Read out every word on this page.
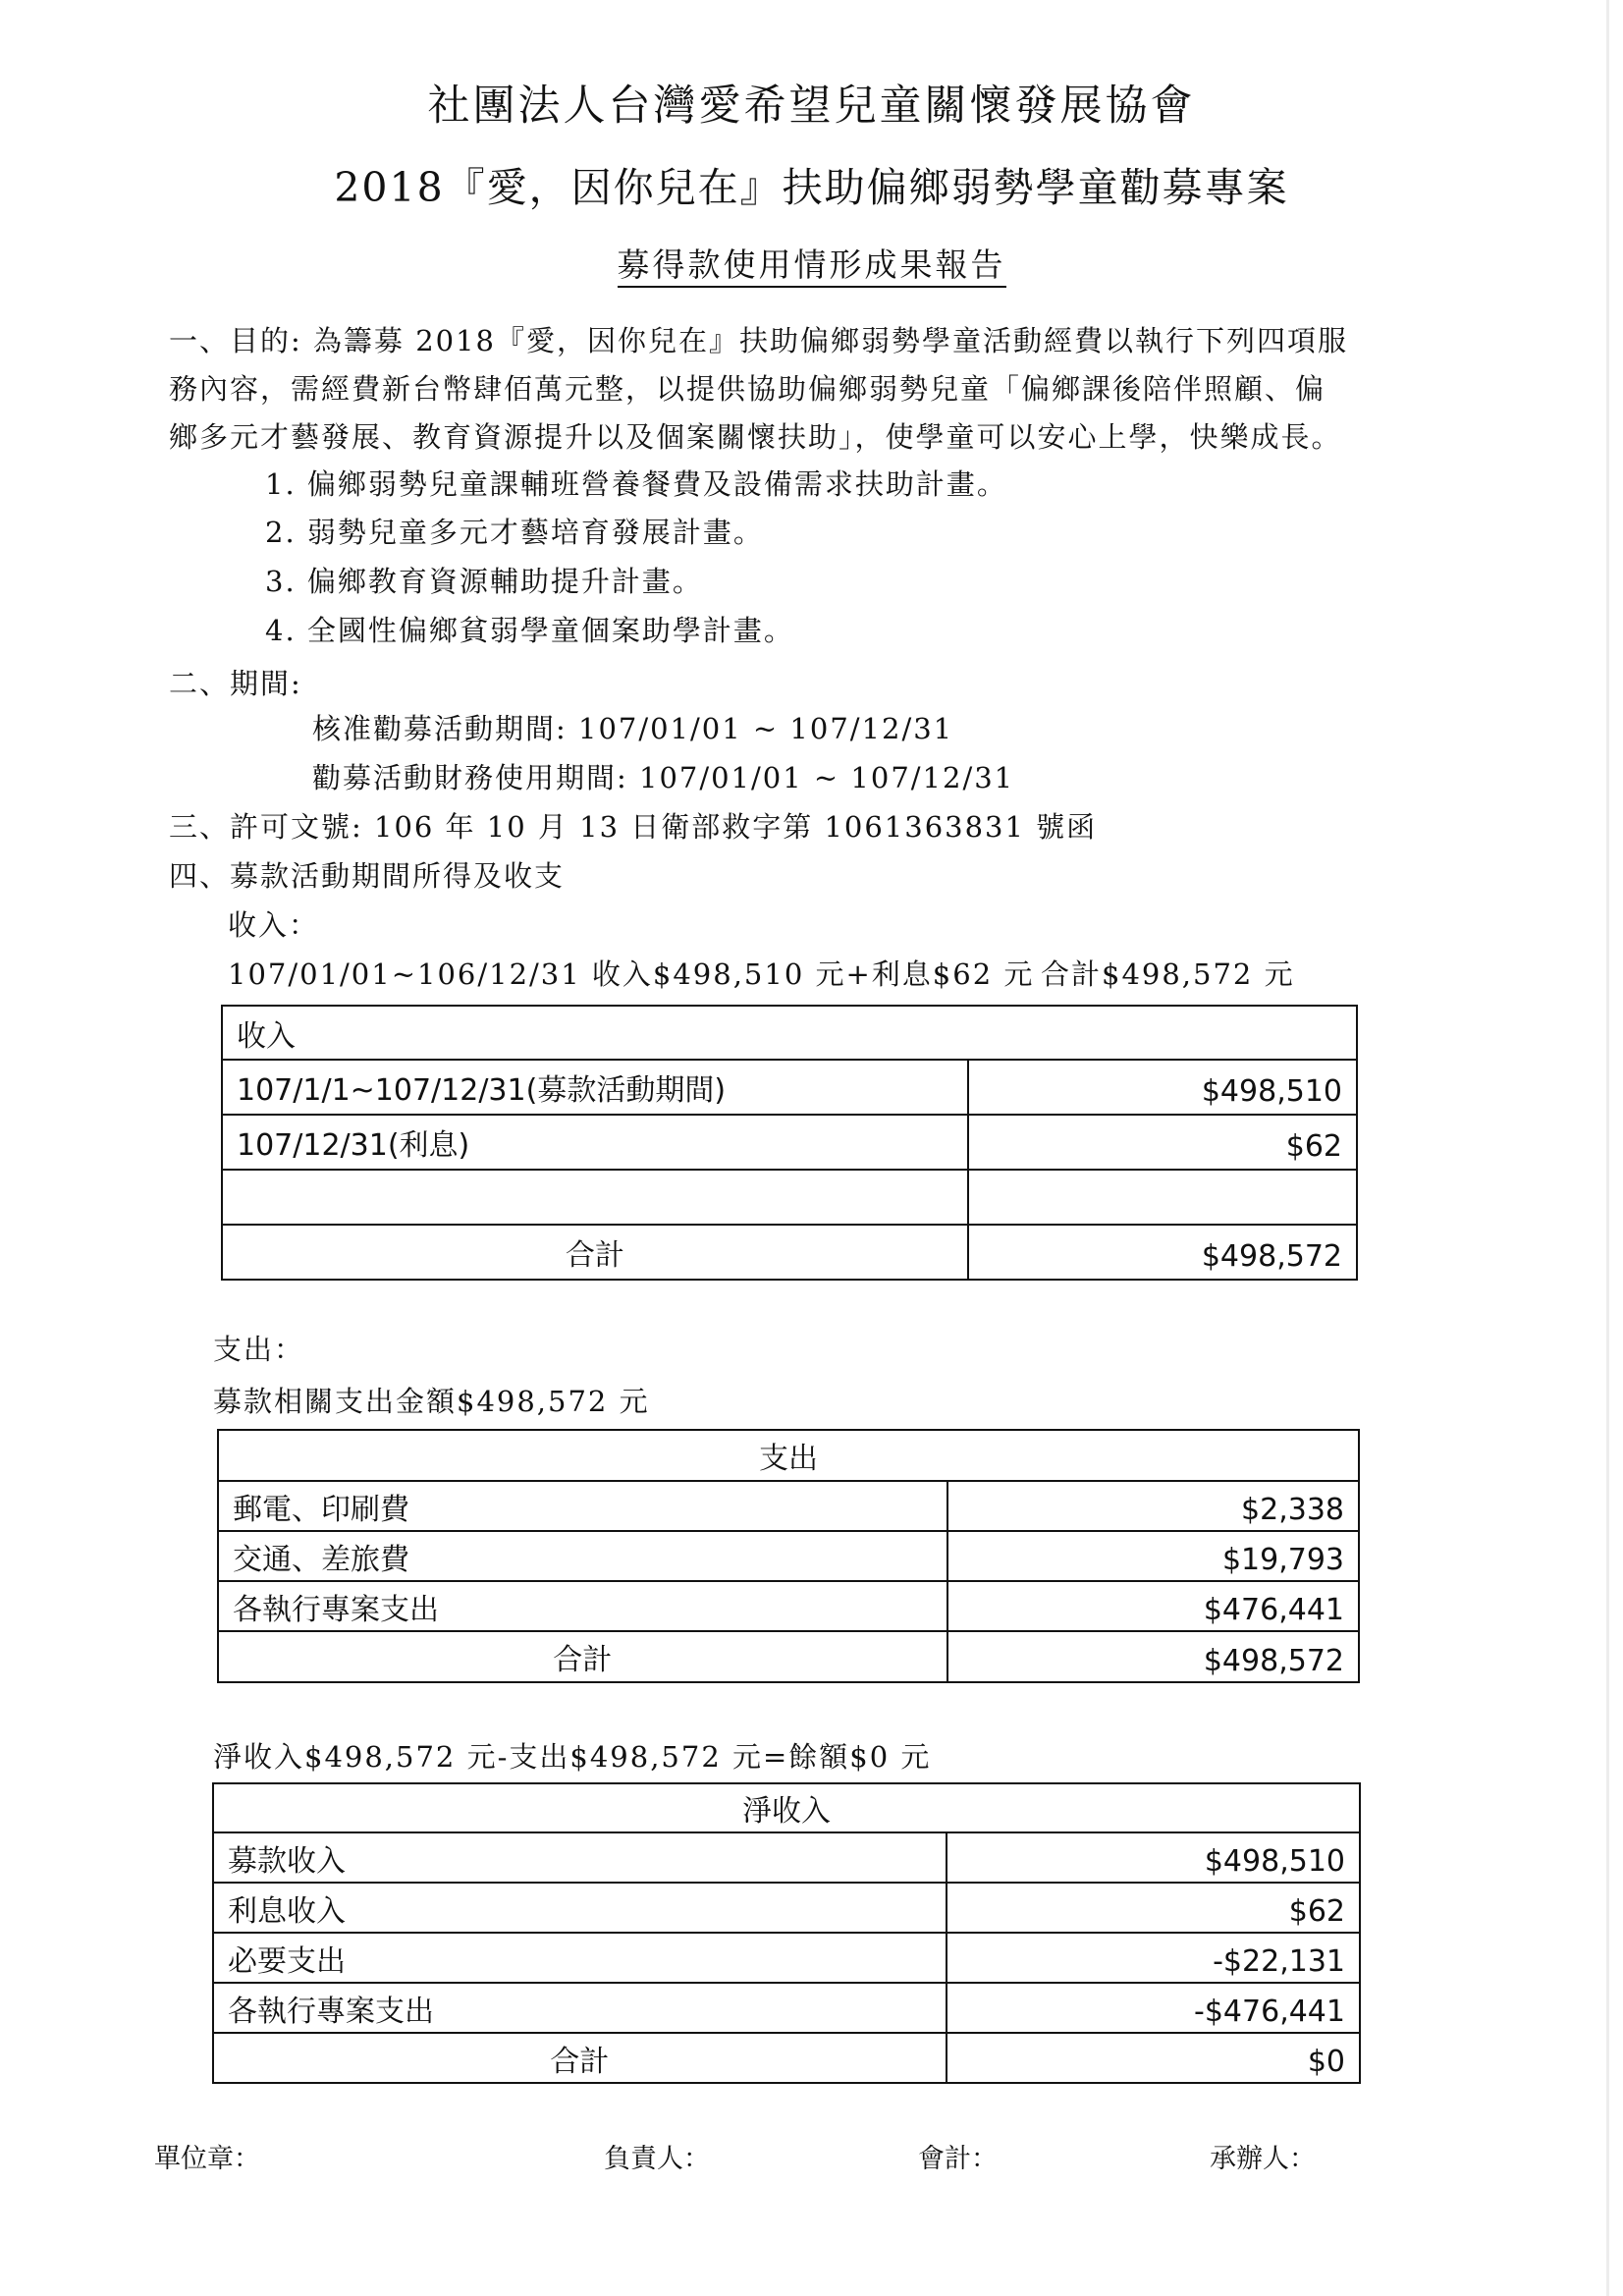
社團法人台灣愛希望兒童關懷發展協會
2018『愛，因你兒在』扶助偏鄉弱勢學童勸募專案
募得款使用情形成果報告
一、目的: 為籌募 2018『愛，因你兒在』扶助偏鄉弱勢學童活動經費以執行下列四項服
務內容，需經費新台幣肆佰萬元整，以提供協助偏鄉弱勢兒童「偏鄉課後陪伴照顧、偏
鄉多元才藝發展、教育資源提升以及個案關懷扶助」，使學童可以安心上學，快樂成長。
1. 偏鄉弱勢兒童課輔班營養餐費及設備需求扶助計畫。
2. 弱勢兒童多元才藝培育發展計畫。
3. 偏鄉教育資源輔助提升計畫。
4. 全國性偏鄉貧弱學童個案助學計畫。
二、期間:
核准勸募活動期間: 107/01/01 ~ 107/12/31
勸募活動財務使用期間: 107/01/01 ~ 107/12/31
三、許可文號: 106 年 10 月 13 日衛部救字第 1061363831 號函
四、募款活動期間所得及收支
收入：
107/01/01~106/12/31 收入$498,510 元+利息$62 元 合計$498,572 元
收入	
107/1/1~107/12/31(募款活動期間)	$498,510
107/12/31(利息)	$62

合計	$498,572
支出：
募款相關支出金額$498,572 元
支出	
郵電、印刷費	$2,338
交通、差旅費	$19,793
各執行專案支出	$476,441
合計	$498,572
淨收入$498,572 元-支出$498,572 元=餘額$0 元
淨收入	
募款收入	$498,510
利息收入	$62
必要支出	-$22,131
各執行專案支出	-$476,441
合計	$0
單位章：	負責人：	會計：	承辦人：
